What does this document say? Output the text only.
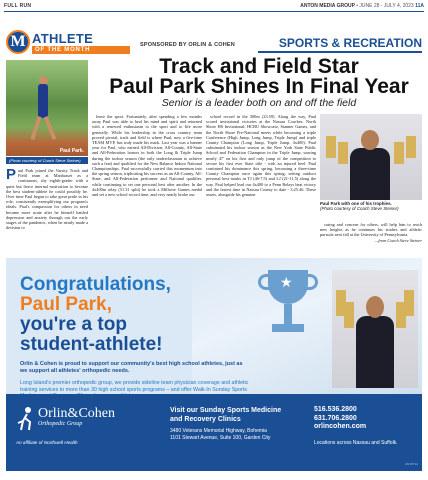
FULL RUN	ANTON MEDIA GROUP • JUNE 28 - JULY 4, 2023 11A
M ATHLETE
OF THE MONTH
Paul Park.
(Photo courtesy of Coach Steve Steiner)
SPONSORED BY ORLIN & COHEN	SPORTS & RECREATION
Track and Field Star
Paul Park Shines In Final Year
Senior is a leader both on and off the field
Paul Park joined the Varsity Track and Field team at Manhasset as a continuous, shy eighth-grader with a quiet but fierce internal motivation to become the best student-athlete he could possibly be. Over time Paul began to take great pride in his role, consistently exemplifying our program's ideals. Paul's compassion for others in need became more acute after he himself battled depression and anxiety through our the early stages of the pandemic, when he nearly made a decision to

leave the sport. Fortunately, after spending a few months away Paul was able to heal his mind and spirit and returned with a renewed enthusiasm to the sport and to life more generally. While his leadership in the cross country team proved pivotal, track and field is where Paul, now a five-time TEAM MVP, has truly made his mark. Last year was a banner year for Paul, who earned All-Division, All-County, All-State and All-Federation honors in both the Long & Triple Jump during the indoor season (the only underclassman to achieve such a feat) and qualified for the New Balance Indoor National Championships. Paul successfully carried this momentum into the spring season, triplicating his success as an All-County, All-State, and All-Federation performer and National qualifier, while continuing to set one personal best after another. In the 4x400m relay (51.31 split) he took a Millrose Games medal and set a new school record time, and very nearly broke our

school record in the 300m (23.59). Along the way, Paul scored invitational victories at the Nassau Coaches, North Shore HS Invitational, HCBU Showcase, Stanner Games, and the North Shore Pre-National meets while becoming a triple Conference (High Jump, Long Jump, Triple Jump) and triple County Champion (Long Jump, Triple Jump, 4x400). Paul culminated his indoor season as the New York State Public School and Federation Champion in the Triple Jump, soaring nearly 47' on his first and only jump of the competition to secure his first ever State title - with an injured heel. Paul continued his dominance this spring, becoming a three-time County Champion once again this spring, setting outdoor personal best marks in TJ (46-7.5) and LJ (21-11.5) along the way. Paul helped lead our 4x400 to a Penn Relays heat victory and the fastest time in Nassau County to date - 3:25.46. These assets, alongside his genuine

Paul Park with one of his trophies.
(Photo courtesy of Coach Steve Steiner)

caring and concern for others, will help him to reach new heights as he continues his studies and athletic pursuits next fall at the University of Pennsylvania.

—from Coach Steve Steiner

Congratulations,
Paul Park,
you're a top
student-athlete!
Orlin & Cohen is proud to support our community's best high school athletes, just as we support all athletes' orthopedic needs.
Long Island's premier orthopedic group, we provide sideline team physician coverage and athletic training services to more than 30 high school sports programs – and offer Walk-In Sunday Sports
★
Orlin&Cohen
Orthopedic Group
An affiliate of Northwell Health
Visit our Sunday Sports Medicine and Recovery Clinics
3480 Veterans Memorial Highway, Bohemia
1101 Stewart Avenue, Suite 100, Garden City
516.536.2800
631.706.2800
orlincohen.com
Locations across Nassau and Suffolk.
AM1873A
